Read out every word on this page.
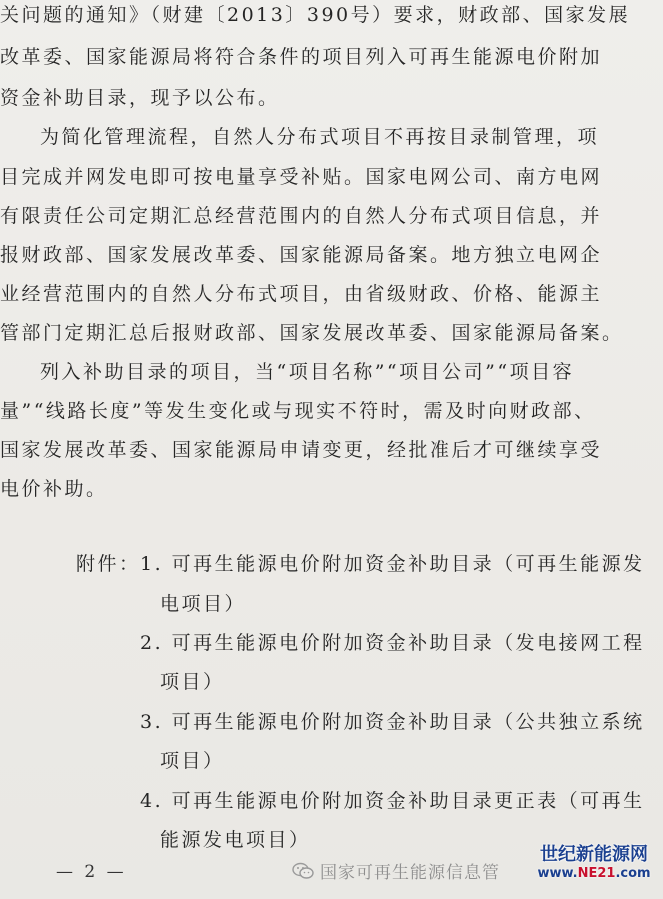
关问题的通知》（财建〔2013〕390号）要求，财政部、国家发展
改革委、国家能源局将符合条件的项目列入可再生能源电价附加
资金补助目录，现予以公布。
为简化管理流程，自然人分布式项目不再按目录制管理，项
目完成并网发电即可按电量享受补贴。国家电网公司、南方电网
有限责任公司定期汇总经营范围内的自然人分布式项目信息，并
报财政部、国家发展改革委、国家能源局备案。地方独立电网企
业经营范围内的自然人分布式项目，由省级财政、价格、能源主
管部门定期汇总后报财政部、国家发展改革委、国家能源局备案。
列入补助目录的项目，当“项目名称”“项目公司”“项目容
量”“线路长度”等发生变化或与现实不符时，需及时向财政部、
国家发展改革委、国家能源局申请变更，经批准后才可继续享受
电价补助。
附件： 1. 可再生能源电价附加资金补助目录（可再生能源发
电项目）
2. 可再生能源电价附加资金补助目录（发电接网工程
项目）
3. 可再生能源电价附加资金补助目录（公共独立系统
项目）
4. 可再生能源电价附加资金补助目录更正表（可再生
能源发电项目）
— 2 —	国家可再生能源信息管
世纪新能源网
www.NE21.com
